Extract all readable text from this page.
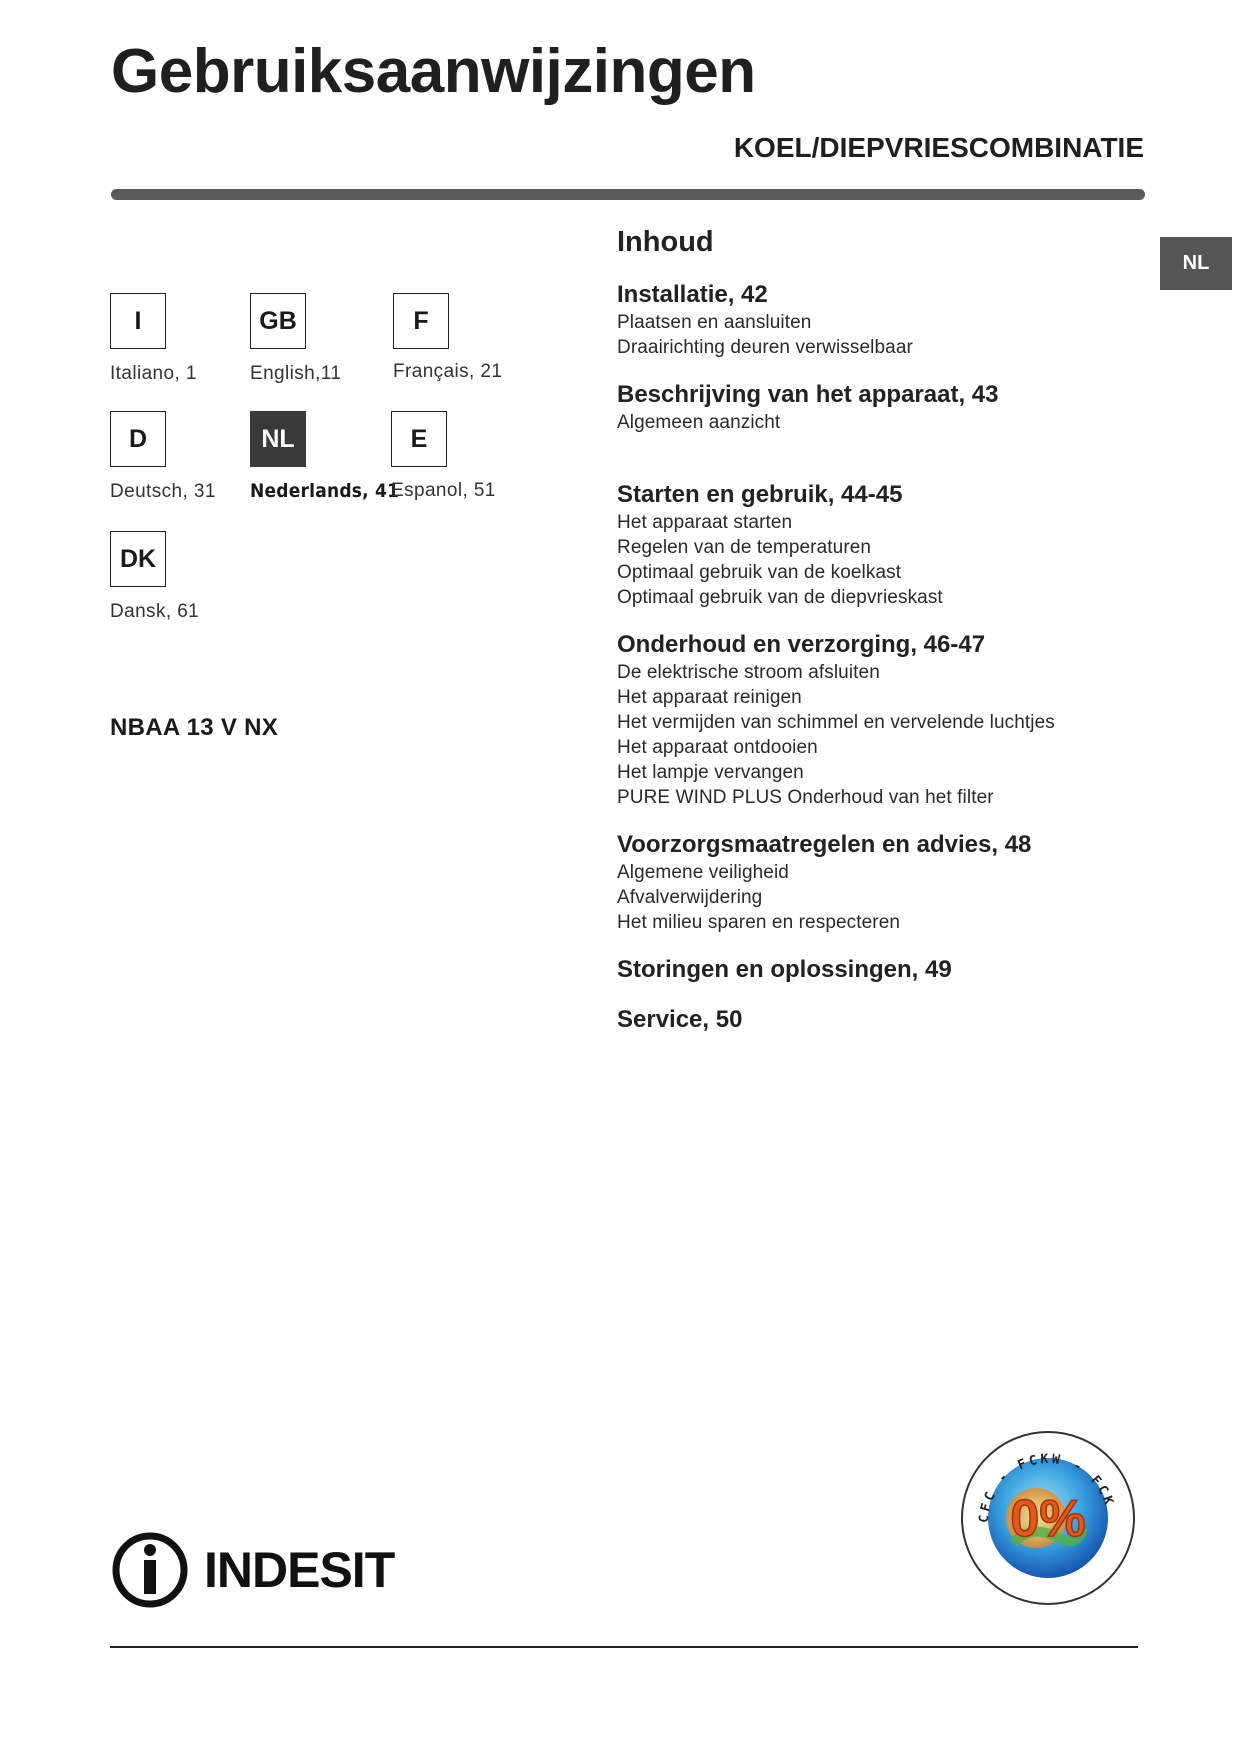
Gebruiksaanwijzingen
KOEL/DIEPVRIESCOMBINATIE
NL
I
Italiano, 1
GB
English,11
F
Français, 21
D
Deutsch, 31
NL
Nederlands, 41
E
Espanol, 51
DK
Dansk, 61
NBAA 13 V NX
Inhoud
Installatie, 42
Plaatsen en aansluiten
Draairichting deuren verwisselbaar
Beschrijving van het apparaat, 43
Algemeen aanzicht
Starten en gebruik, 44-45
Het apparaat starten
Regelen van de temperaturen
Optimaal gebruik van de koelkast
Optimaal gebruik van de diepvrieskast
Onderhoud en verzorging, 46-47
De elektrische stroom afsluiten
Het apparaat reinigen
Het vermijden van schimmel en vervelende luchtjes
Het apparaat ontdooien
Het lampje vervangen
PURE WIND PLUS Onderhoud van het filter
Voorzorgsmaatregelen en advies, 48
Algemene veiligheid
Afvalverwijdering
Het milieu sparen en respecteren
Storingen en oplossingen, 49
Service, 50
INDESIT
0%
CFC - FCKW - FCK
